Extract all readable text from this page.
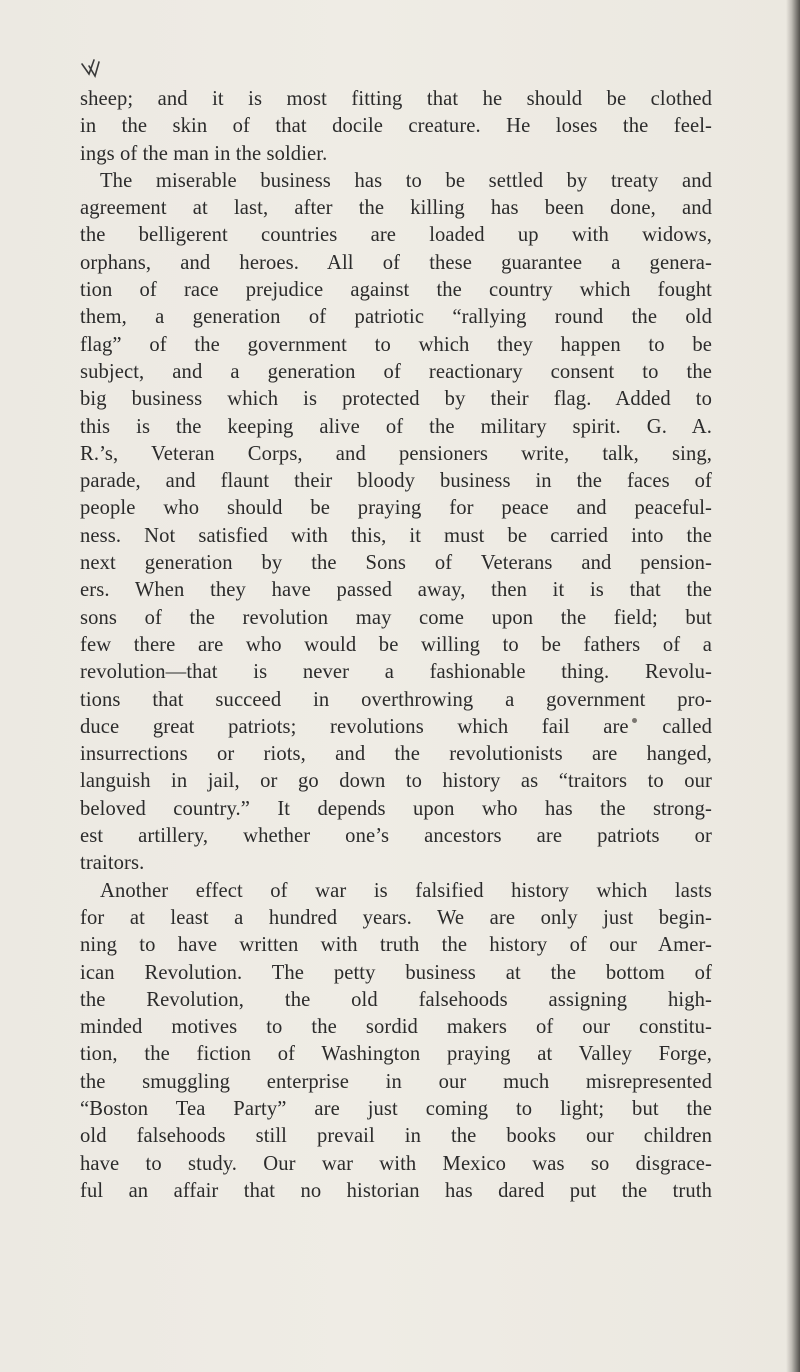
sheep; and it is most fitting that he should be clothed
in the skin of that docile creature. He loses the feel-
ings of the man in the soldier.
The miserable business has to be settled by treaty and
agreement at last, after the killing has been done, and
the belligerent countries are loaded up with widows,
orphans, and heroes. All of these guarantee a genera-
tion of race prejudice against the country which fought
them, a generation of patriotic “rallying round the old
flag” of the government to which they happen to be
subject, and a generation of reactionary consent to the
big business which is protected by their flag. Added to
this is the keeping alive of the military spirit. G. A.
R.’s, Veteran Corps, and pensioners write, talk, sing,
parade, and flaunt their bloody business in the faces of
people who should be praying for peace and peaceful-
ness. Not satisfied with this, it must be carried into the
next generation by the Sons of Veterans and pension-
ers. When they have passed away, then it is that the
sons of the revolution may come upon the field; but
few there are who would be willing to be fathers of a
revolution—that is never a fashionable thing. Revolu-
tions that succeed in overthrowing a government pro-
duce great patriots; revolutions which fail are called
insurrections or riots, and the revolutionists are hanged,
languish in jail, or go down to history as “traitors to our
beloved country.” It depends upon who has the strong-
est artillery, whether one’s ancestors are patriots or
traitors.
Another effect of war is falsified history which lasts
for at least a hundred years. We are only just begin-
ning to have written with truth the history of our Amer-
ican Revolution. The petty business at the bottom of
the Revolution, the old falsehoods assigning high-
minded motives to the sordid makers of our constitu-
tion, the fiction of Washington praying at Valley Forge,
the smuggling enterprise in our much misrepresented
“Boston Tea Party” are just coming to light; but the
old falsehoods still prevail in the books our children
have to study. Our war with Mexico was so disgrace-
ful an affair that no historian has dared put the truth
